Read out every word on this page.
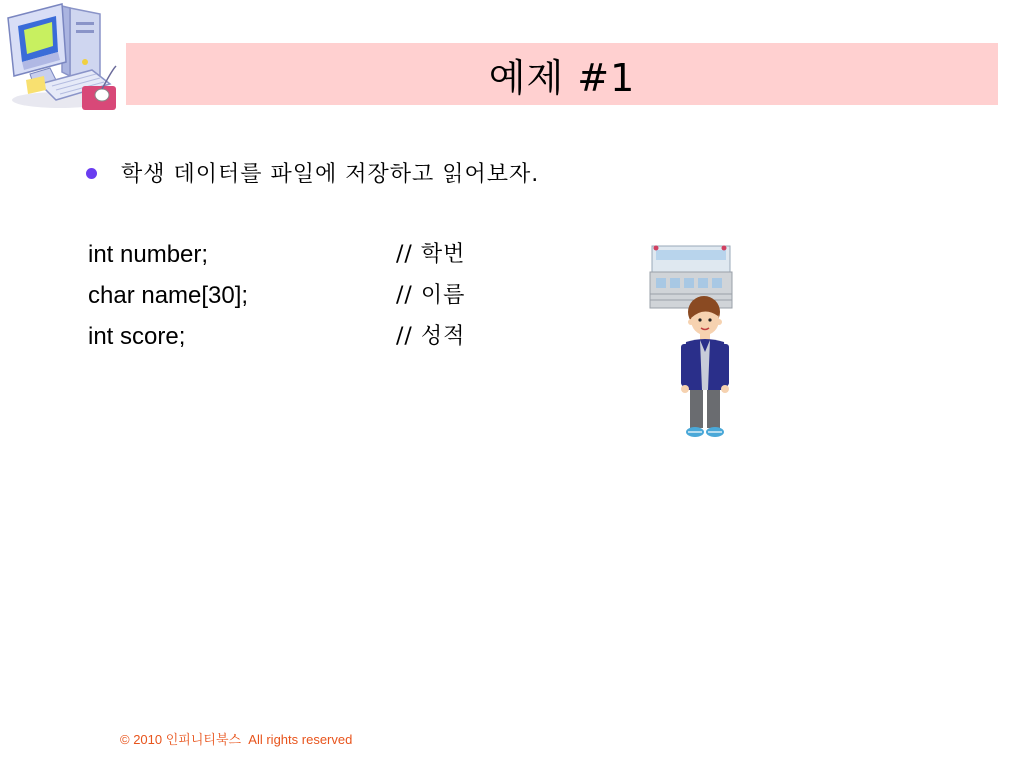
예제 #1
학생 데이터를 파일에 저장하고 읽어보자.
int number;	// 학번
char name[30];	// 이름
int score;	// 성적
© 2010 인피니티북스  All rights reserved
